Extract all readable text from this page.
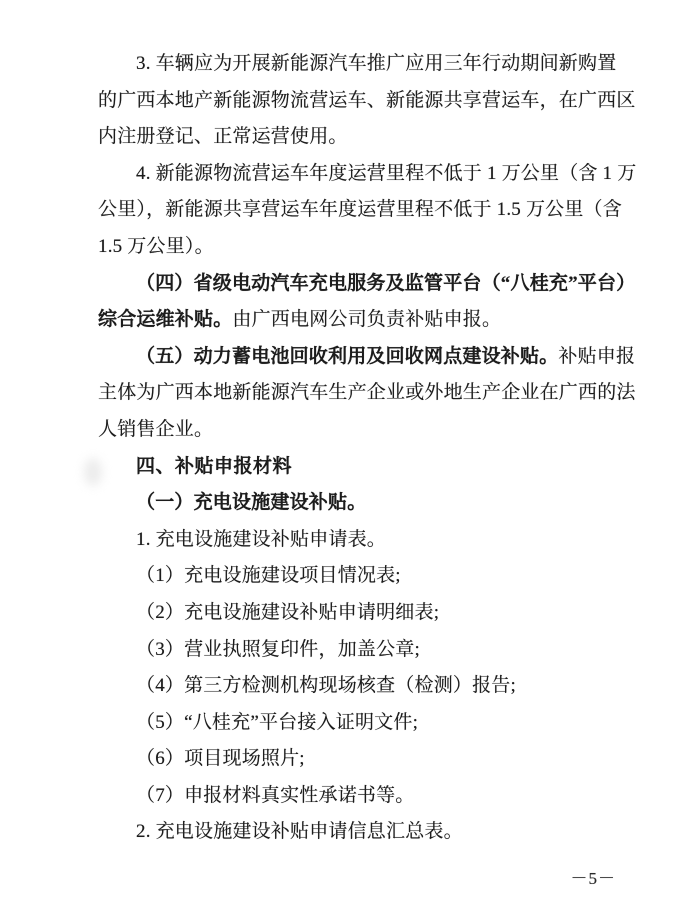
3. 车辆应为开展新能源汽车推广应用三年行动期间新购置
的广西本地产新能源物流营运车、新能源共享营运车，在广西区
内注册登记、正常运营使用。
4. 新能源物流营运车年度运营里程不低于 1 万公里（含 1 万
公里），新能源共享营运车年度运营里程不低于 1.5 万公里（含
1.5 万公里）。
（四）省级电动汽车充电服务及监管平台（“八桂充”平台）
综合运维补贴。由广西电网公司负责补贴申报。
（五）动力蓄电池回收利用及回收网点建设补贴。补贴申报
主体为广西本地新能源汽车生产企业或外地生产企业在广西的法
人销售企业。
四、补贴申报材料
（一）充电设施建设补贴。
1. 充电设施建设补贴申请表。
（1）充电设施建设项目情况表;
（2）充电设施建设补贴申请明细表;
（3）营业执照复印件，加盖公章;
（4）第三方检测机构现场核查（检测）报告;
（5）“八桂充”平台接入证明文件;
（6）项目现场照片;
（7）申报材料真实性承诺书等。
2. 充电设施建设补贴申请信息汇总表。
－5－
